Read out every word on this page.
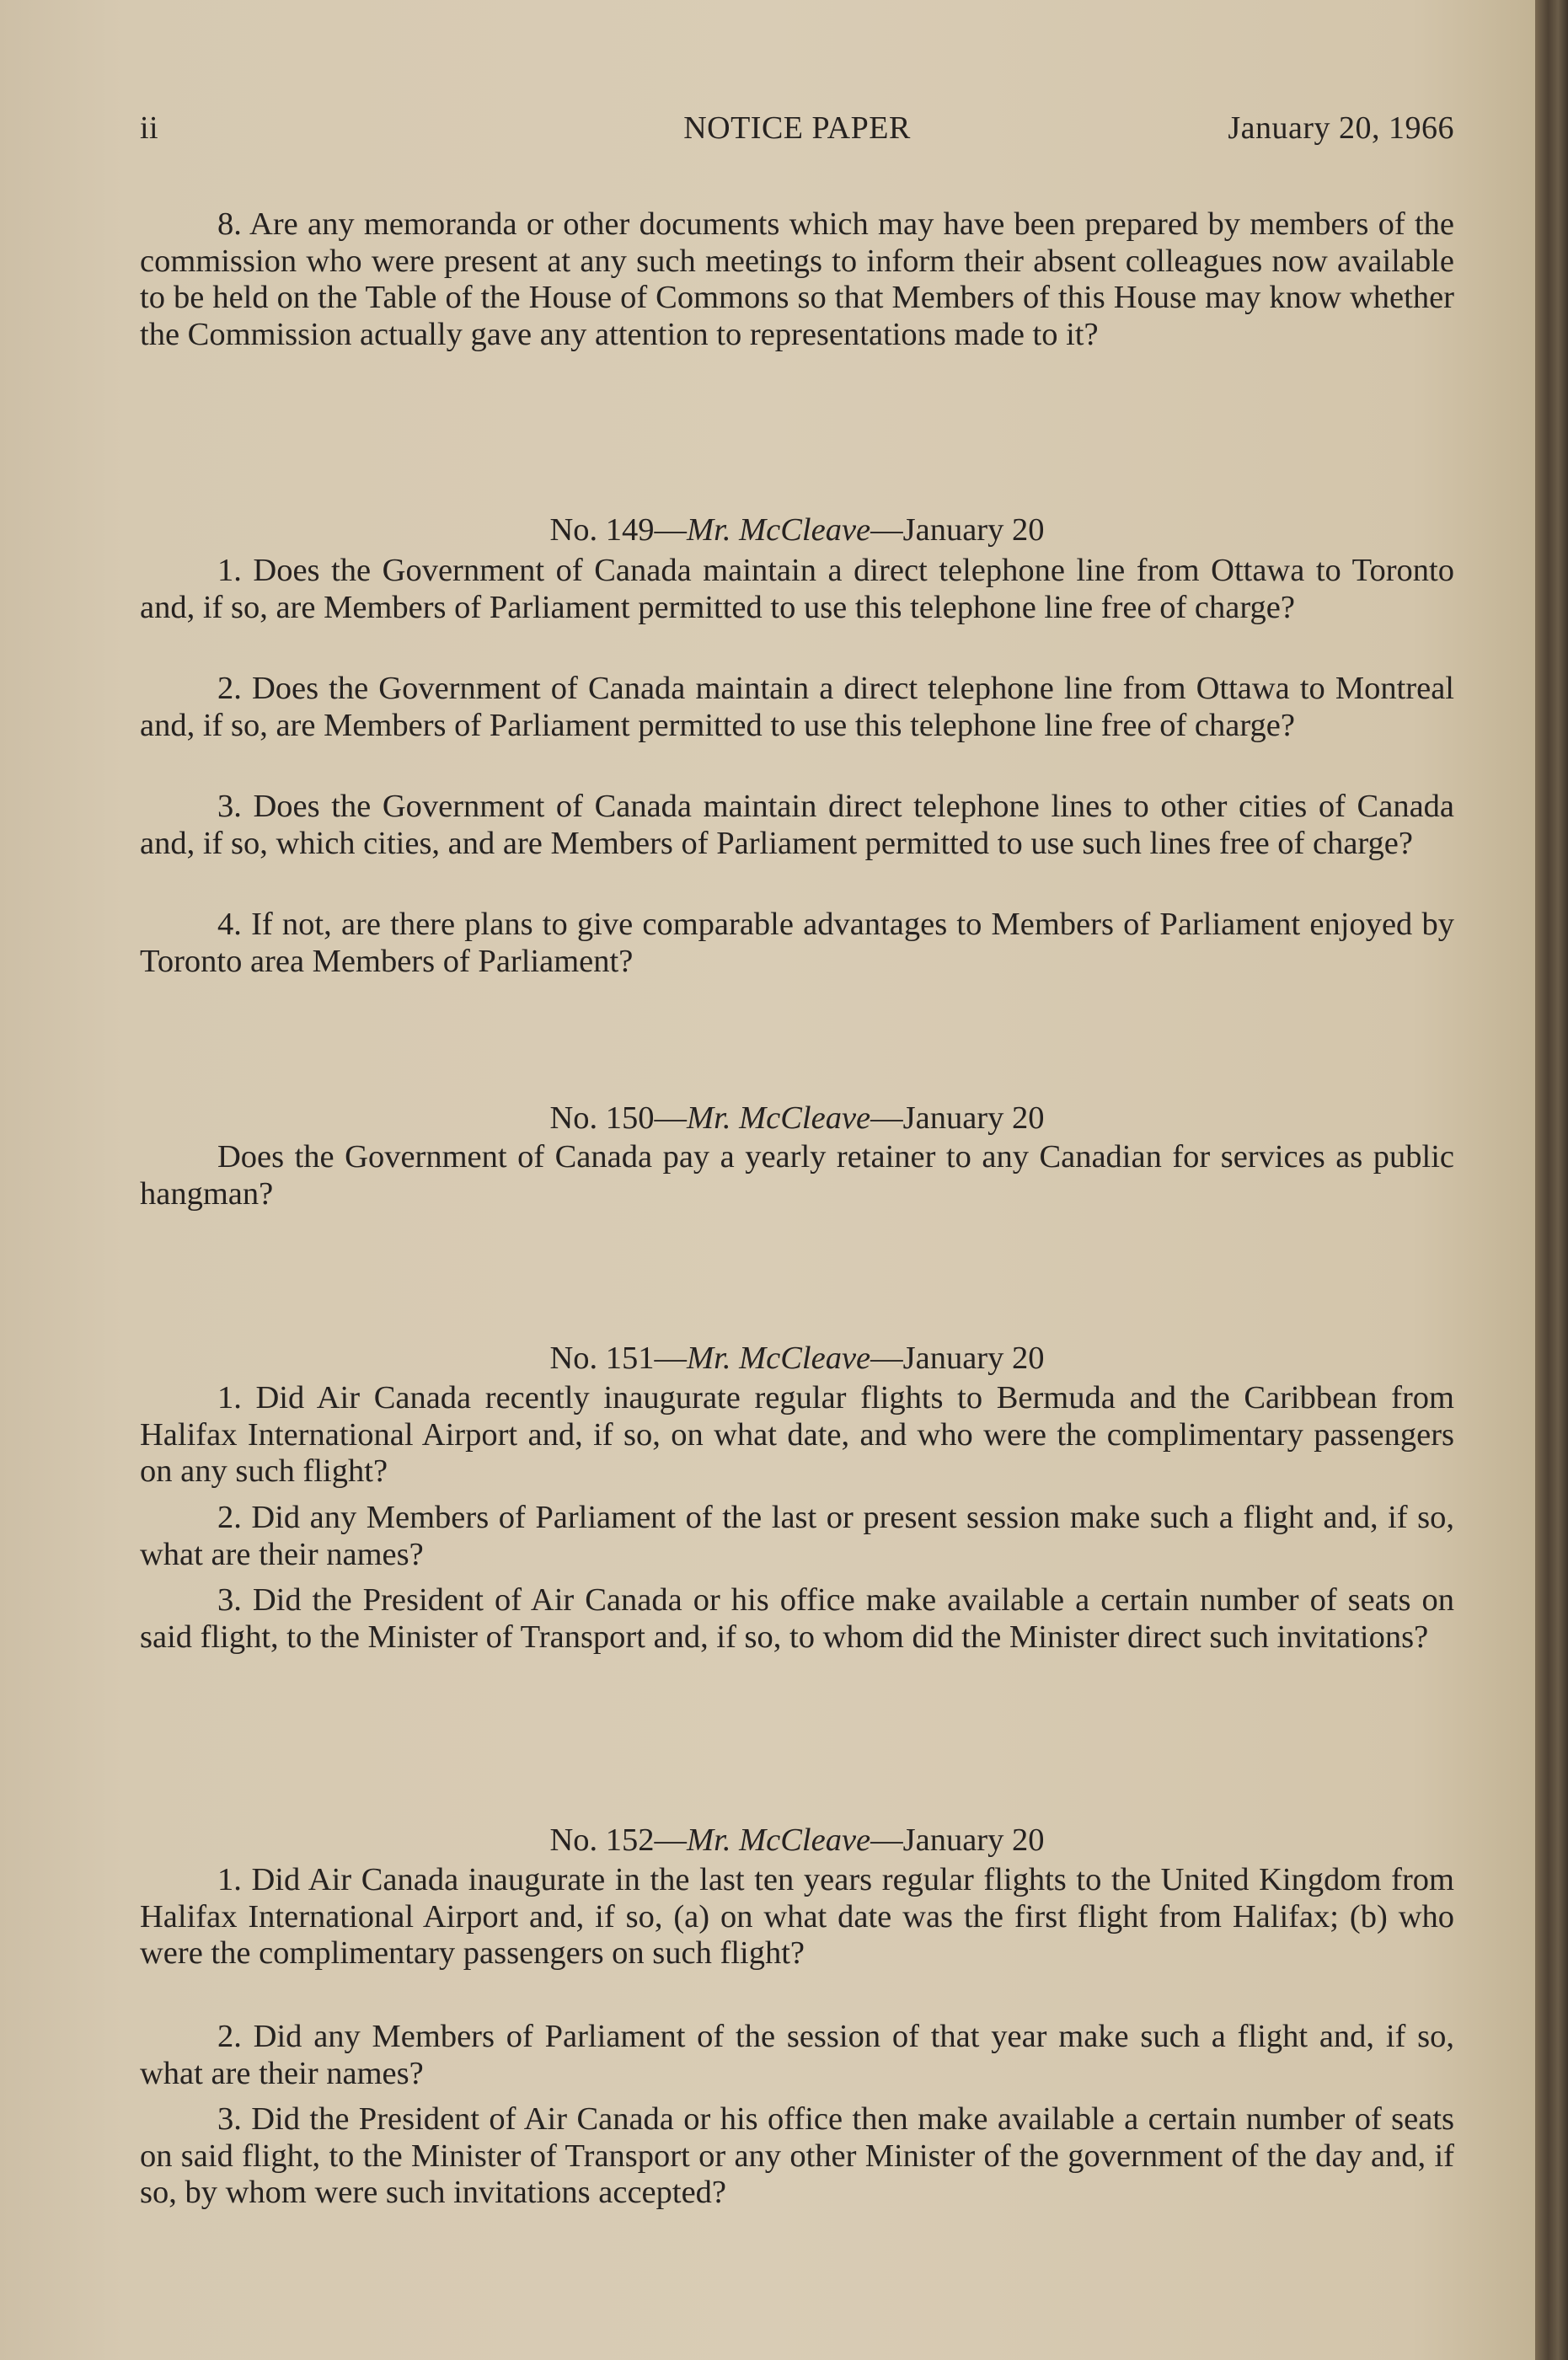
ii	NOTICE PAPER	January 20, 1966

8. Are any memoranda or other documents which may have been prepared by members of the commission who were present at any such meetings to inform their absent colleagues now available to be held on the Table of the House of Commons so that Members of this House may know whether the Commission actually gave any attention to representations made to it?

No. 149—Mr. McCleave—January 20

1. Does the Government of Canada maintain a direct telephone line from Ottawa to Toronto and, if so, are Members of Parliament permitted to use this telephone line free of charge?

2. Does the Government of Canada maintain a direct telephone line from Ottawa to Montreal and, if so, are Members of Parliament permitted to use this telephone line free of charge?

3. Does the Government of Canada maintain direct telephone lines to other cities of Canada and, if so, which cities, and are Members of Parliament permitted to use such lines free of charge?

4. If not, are there plans to give comparable advantages to Members of Parliament enjoyed by Toronto area Members of Parliament?

No. 150—Mr. McCleave—January 20

Does the Government of Canada pay a yearly retainer to any Canadian for services as public hangman?

No. 151—Mr. McCleave—January 20

1. Did Air Canada recently inaugurate regular flights to Bermuda and the Caribbean from Halifax International Airport and, if so, on what date, and who were the complimentary passengers on any such flight?

2. Did any Members of Parliament of the last or present session make such a flight and, if so, what are their names?

3. Did the President of Air Canada or his office make available a certain number of seats on said flight, to the Minister of Transport and, if so, to whom did the Minister direct such invitations?

No. 152—Mr. McCleave—January 20

1. Did Air Canada inaugurate in the last ten years regular flights to the United Kingdom from Halifax International Airport and, if so, (a) on what date was the first flight from Halifax; (b) who were the complimentary passengers on such flight?

2. Did any Members of Parliament of the session of that year make such a flight and, if so, what are their names?

3. Did the President of Air Canada or his office then make available a certain number of seats on said flight, to the Minister of Transport or any other Minister of the government of the day and, if so, by whom were such invitations accepted?
